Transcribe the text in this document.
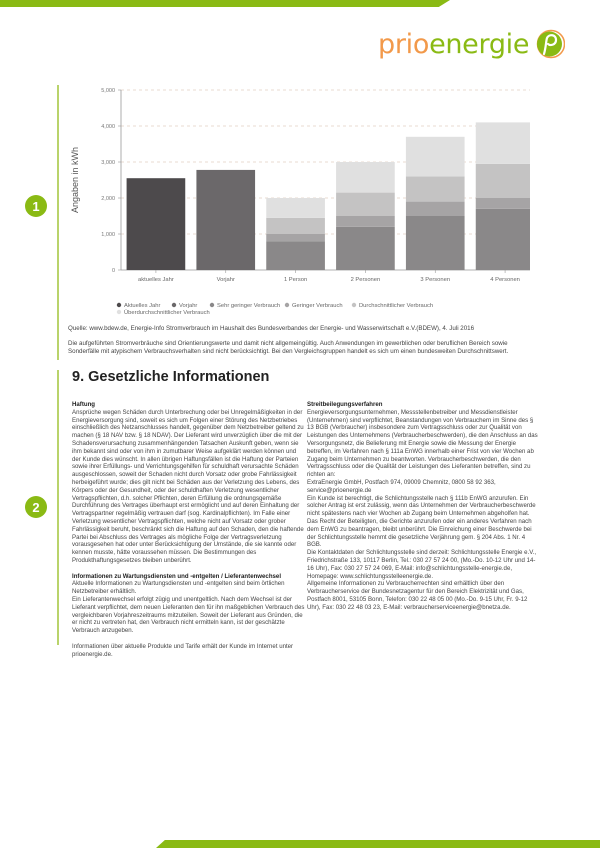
prioenergie
1	Angaben in kWh
0
1,000
2,000
3,000
4,000
5,000
aktuelles Jahr	Vorjahr	1 Person	2 Personen	3 Personen	4 Personen
Aktuelles Jahr	Vorjahr	Sehr geringer Verbrauch Geringer Verbrauch	Durchschnittlicher Verbrauch
Überdurchschnittlicher Verbrauch
Quelle: www.bdew.de, Energie-Info Stromverbrauch im Haushalt des Bundesverbandes der Energie- und Wasserwirtschaft e.V.(BDEW), 4. Juli 2016
Die aufgeführten Stromverbräuche sind Orientierungswerte und damit nicht allgemeingültig. Auch Anwendungen im gewerblichen oder beruflichen Bereich sowie Sonderfälle mit atypischem Verbrauchsverhalten sind nicht berücksichtigt. Bei den Vergleichsgruppen handelt es sich um einen bundesweiten Durchschnittswert.
2
9. Gesetzliche Informationen

Haftung

Ansprüche wegen Schäden durch Unterbrechung oder bei Unregelmäßigkeiten in der Energieversorgung sind, soweit es sich um Folgen einer Störung des Netzbetriebes einschließlich des Netzanschlusses handelt, gegenüber dem Netzbetreiber geltend zu machen (§ 18 NAV bzw. § 18 NDAV). Der Lieferant wird unverzüglich über die mit der Schadensverursachung zusammenhängenden Tatsachen Auskunft geben, wenn sie ihm bekannt sind oder von ihm in zumutbarer Weise aufgeklärt werden können und der Kunde dies wünscht. In allen übrigen Haftungsfällen ist die Haftung der Parteien sowie ihrer Erfüllungs- und Verrichtungsgehilfen für schuldhaft verursachte Schäden ausgeschlossen, soweit der Schaden nicht durch Vorsatz oder grobe Fahrlässigkeit herbeigeführt wurde; dies gilt nicht bei Schäden aus der Verletzung des Lebens, des Körpers oder der Gesundheit, oder der schuldhaften Verletzung wesentlicher Vertragspflichten, d.h. solcher Pflichten, deren Erfüllung die ordnungsgemäße Durchführung des Vertrages überhaupt erst ermöglicht und auf deren Einhaltung der Vertragspartner regelmäßig vertrauen darf (sog. Kardinalpflichten). Im Falle einer Verletzung wesentlicher Vertragspflichten, welche nicht auf Vorsatz oder grober Fahrlässigkeit beruht, beschränkt sich die Haftung auf den Schaden, den die haftende Partei bei Abschluss des Vertrages als mögliche Folge der Vertragsverletzung vorausgesehen hat oder unter Berücksichtigung der Umstände, die sie kannte oder kennen musste, hätte voraussehen müssen. Die Bestimmungen des Produkthaftungsgesetzes bleiben unberührt.

Informationen zu Wartungsdiensten und -entgelten / Lieferantenwechsel

Aktuelle Informationen zu Wartungsdiensten und -entgelten sind beim örtlichen Netzbetreiber erhältlich.

Ein Lieferantenwechsel erfolgt zügig und unentgeltlich. Nach dem Wechsel ist der Lieferant verpflichtet, dem neuen Lieferanten den für ihn maßgeblichen Verbrauch des vergleichbaren Vorjahreszeitraums mitzuteilen. Soweit der Lieferant aus Gründen, die er nicht zu vertreten hat, den Verbrauch nicht ermitteln kann, ist der geschätzte Verbrauch anzugeben.

Informationen über aktuelle Produkte und Tarife erhält der Kunde im Internet unter prioenergie.de.

Streitbeilegungsverfahren

Energieversorgungsunternehmen, Messstellenbetreiber und Messdienstleister (Unternehmen) sind verpflichtet, Beanstandungen von Verbrauchern im Sinne des § 13 BGB (Verbraucher) insbesondere zum Vertragsschluss oder zur Qualität von Leistungen des Unternehmens (Verbraucherbeschwerden), die den Anschluss an das Versorgungsnetz, die Belieferung mit Energie sowie die Messung der Energie betreffen, im Verfahren nach § 111a EnWG innerhalb einer Frist von vier Wochen ab Zugang beim Unternehmen zu beantworten. Verbraucherbeschwerden, die den Vertragsschluss oder die Qualität der Leistungen des Lieferanten betreffen, sind zu richten an:

ExtraEnergie GmbH, Postfach 974, 09009 Chemnitz, 0800 58 92 363,

service@prioenergie.de

Ein Kunde ist berechtigt, die Schlichtungsstelle nach § 111b EnWG anzurufen. Ein solcher Antrag ist erst zulässig, wenn das Unternehmen der Verbraucherbeschwerde nicht spätestens nach vier Wochen ab Zugang beim Unternehmen abgeholfen hat. Das Recht der Beteiligten, die Gerichte anzurufen oder ein anderes Verfahren nach dem EnWG zu beantragen, bleibt unberührt. Die Einreichung einer Beschwerde bei der Schlichtungsstelle hemmt die gesetzliche Verjährung gem. § 204 Abs. 1 Nr. 4 BGB.

Die Kontaktdaten der Schlichtungsstelle sind derzeit: Schlichtungsstelle Energie e.V., Friedrichstraße 133, 10117 Berlin, Tel.: 030 27 57 24 00, (Mo.-Do. 10-12 Uhr und 14-16 Uhr), Fax: 030 27 57 24 069, E-Mail: info@schlichtungsstelle-energie.de, Homepage: www.schlichtungsstelleenergie.de.

Allgemeine Informationen zu Verbraucherrechten sind erhältlich über den Verbraucherservice der Bundesnetzagentur für den Bereich Elektrizität und Gas, Postfach 8001, 53105 Bonn, Telefon: 030 22 48 05 00 (Mo.-Do. 9-15 Uhr, Fr. 9-12 Uhr), Fax: 030 22 48 03 23, E-Mail: verbraucherserviceenergie@bnetza.de.
